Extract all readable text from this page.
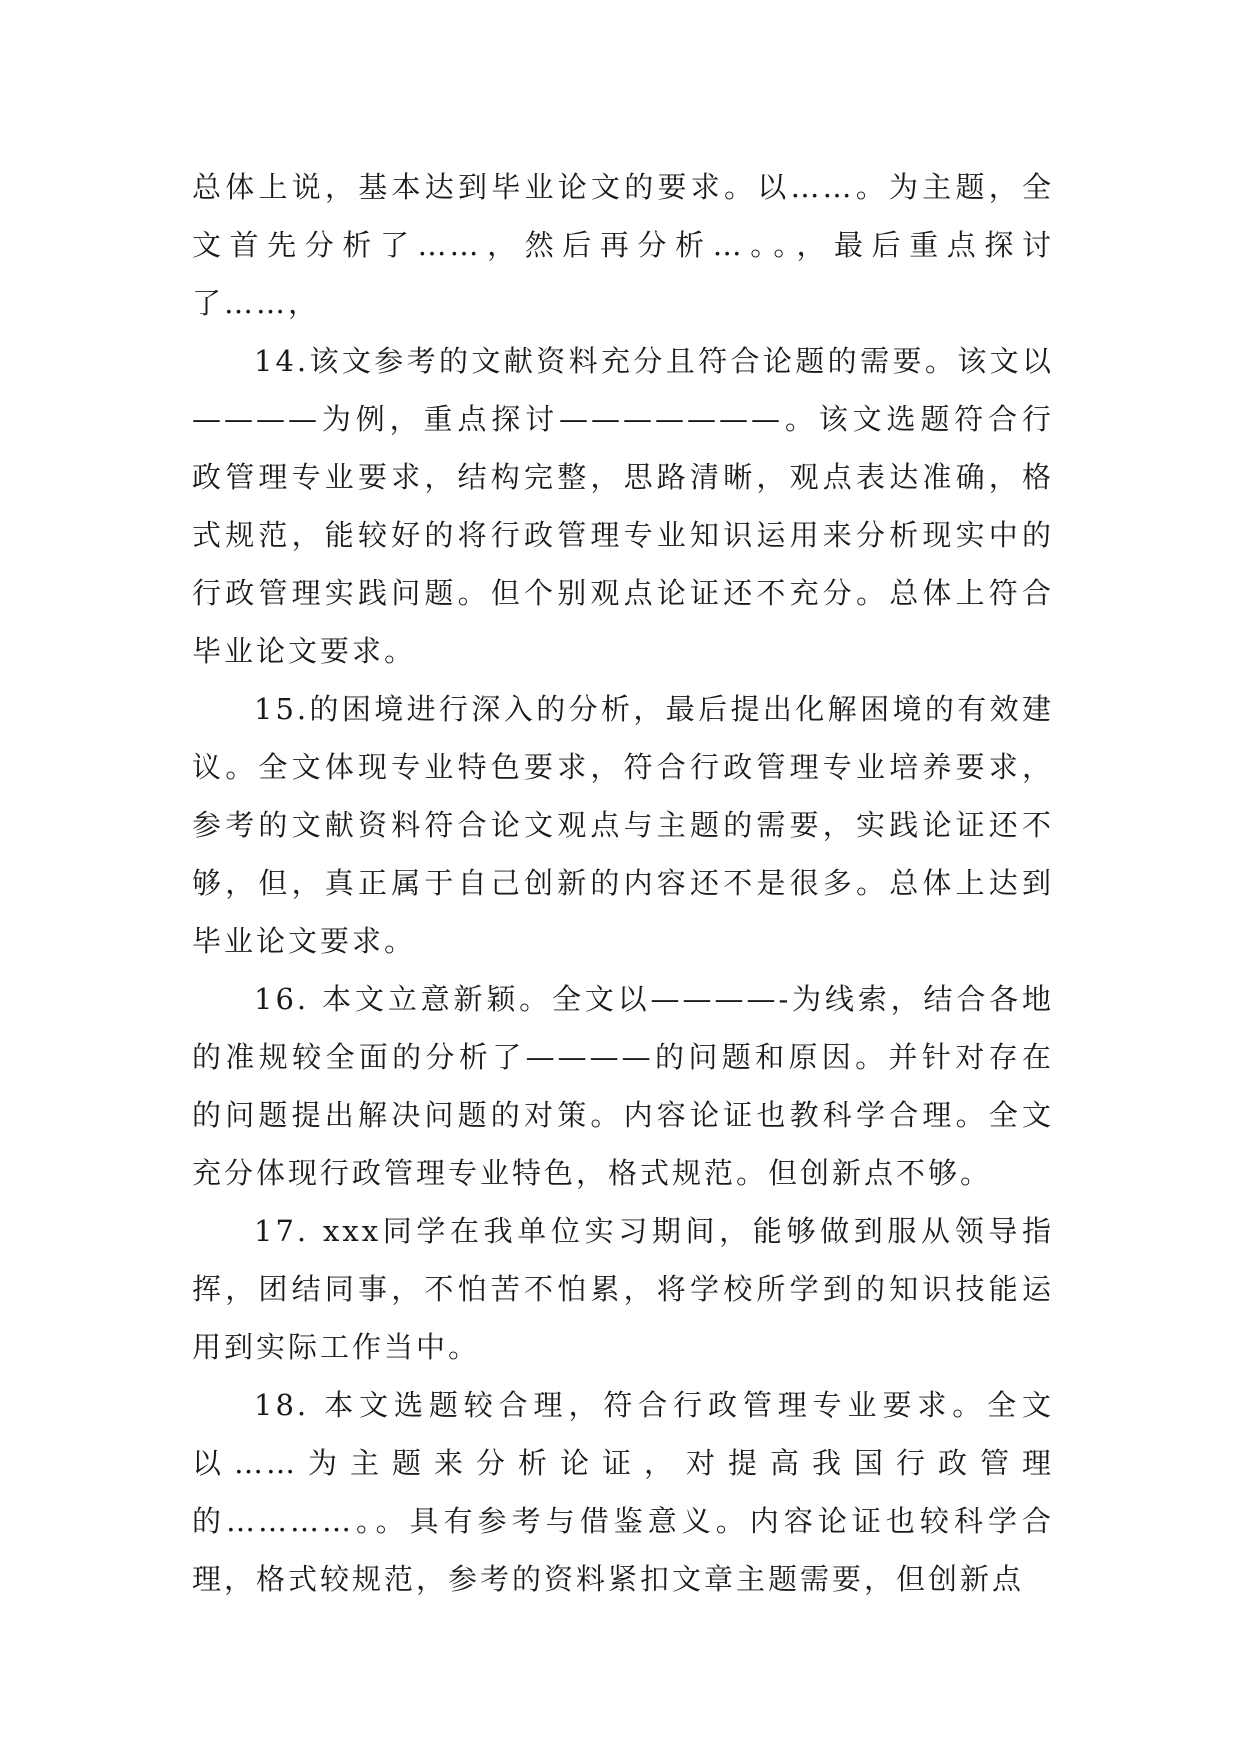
总体上说，基本达到毕业论文的要求。以……。为主题，全文首先分析了……，然后再分析…。。，最后重点探讨了……，

14.该文参考的文献资料充分且符合论题的需要。该文以————为例，重点探讨———————。该文选题符合行政管理专业要求，结构完整，思路清晰，观点表达准确，格式规范，能较好的将行政管理专业知识运用来分析现实中的行政管理实践问题。但个别观点论证还不充分。总体上符合毕业论文要求。

15.的困境进行深入的分析，最后提出化解困境的有效建议。全文体现专业特色要求，符合行政管理专业培养要求，参考的文献资料符合论文观点与主题的需要，实践论证还不够，但，真正属于自己创新的内容还不是很多。总体上达到毕业论文要求。

16. 本文立意新颖。全文以————-为线索，结合各地的准规较全面的分析了————的问题和原因。并针对存在的问题提出解决问题的对策。内容论证也教科学合理。全文充分体现行政管理专业特色，格式规范。但创新点不够。

17. xxx同学在我单位实习期间，能够做到服从领导指挥，团结同事，不怕苦不怕累，将学校所学到的知识技能运用到实际工作当中。

18. 本文选题较合理，符合行政管理专业要求。全文以……为主题来分析论证，对提高我国行政管理的…………。。具有参考与借鉴意义。内容论证也较科学合理，格式较规范，参考的资料紧扣文章主题需要，但创新点
